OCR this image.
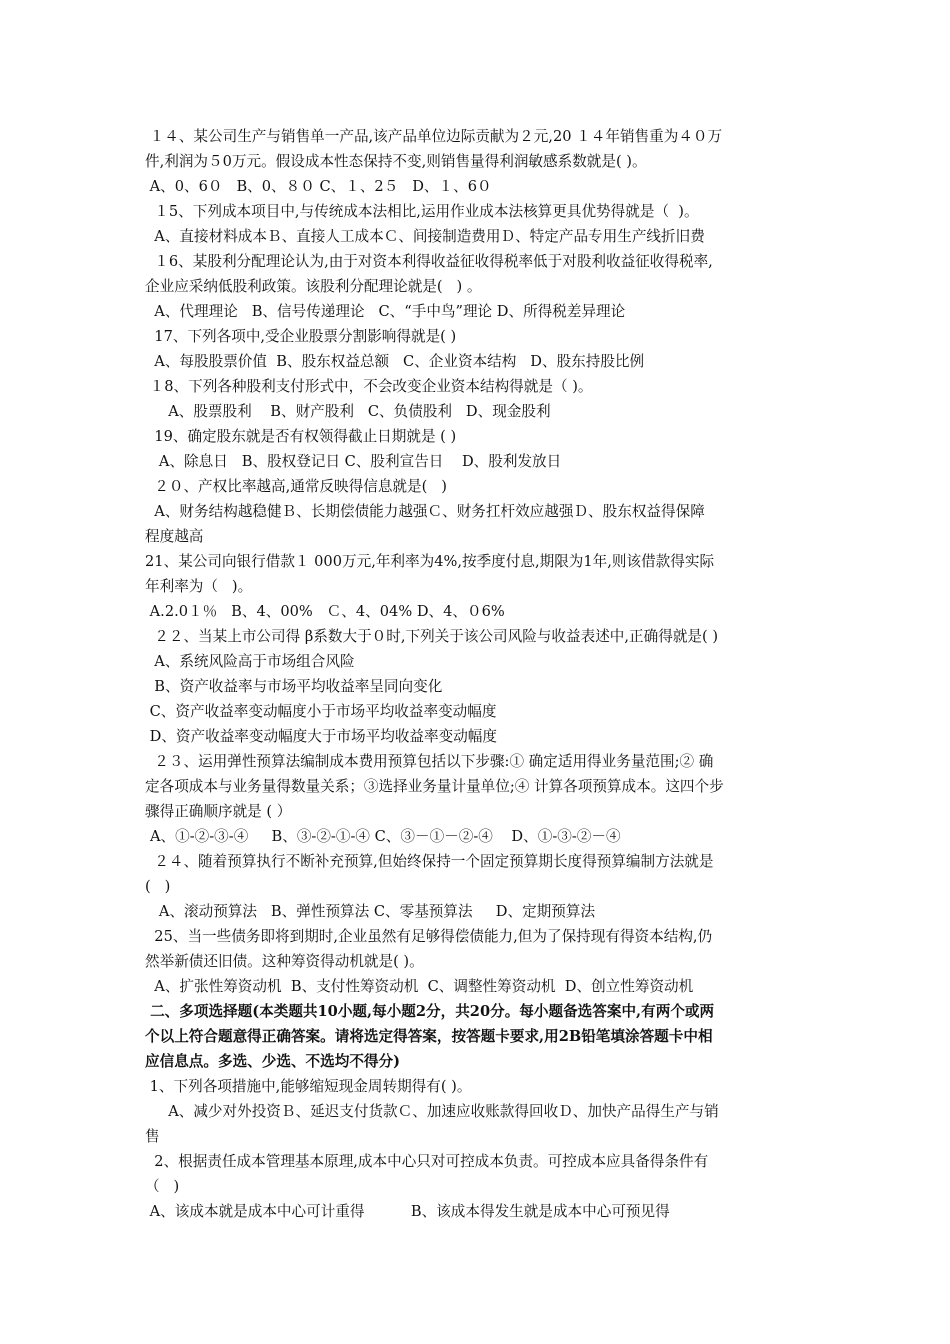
１４、某公司生产与销售单一产品,该产品单位边际贡献为２元,20 １４年销售重为４０万
件,利润为５0万元。假设成本性态保持不变,则销售量得利润敏感系数就是( )。
A、0、6０   B、0、８０ C、１、2５   D、１、6０
１5、下列成本项目中,与传统成本法相比,运用作业成本法核算更具优势得就是（  )。
A、直接材料成本Ｂ、直接人工成本Ｃ、间接制造费用Ｄ、特定产品专用生产线折旧费
１6、某股利分配理论认为,由于对资本利得收益征收得税率低于对股利收益征收得税率,
企业应采纳低股利政策。该股利分配理论就是(   ) 。
A、代理理论   B、信号传递理论   C、“手中鸟”理论 D、所得税差异理论
17、下列各项中,受企业股票分割影响得就是( )
A、每股股票价值  B、股东权益总额   C、企业资本结构   D、股东持股比例
１8、下列各种股利支付形式中，不会改变企业资本结构得就是（ )。
A、股票股利    B、财产股利   C、负债股利   D、现金股利
19、确定股东就是否有权领得截止日期就是 ( )
A、除息日   B、股权登记日 C、股利宣告日    D、股利发放日
２０、产权比率越高,通常反映得信息就是(   )
A、财务结构越稳健Ｂ、长期偿债能力越强Ｃ、财务扛杆效应越强Ｄ、股东权益得保障
程度越高
21、某公司向银行借款１ 000万元,年利率为4%,按季度付息,期限为1年,则该借款得实际
年利率为（   )。
A.2.0１％   B、4、00%   Ｃ、4、04% D、4、０6%
２２、当某上市公司得 β系数大于０时,下列关于该公司风险与收益表述中,正确得就是( )
A、系统风险高于市场组合风险
B、资产收益率与市场平均收益率呈同向变化
C、资产收益率变动幅度小于市场平均收益率变动幅度
D、资产收益率变动幅度大于市场平均收益率变动幅度
２３、运用弹性预算法编制成本费用预算包括以下步骤:① 确定适用得业务量范围;② 确
定各项成本与业务量得数量关系；③选择业务量计量单位;④ 计算各项预算成本。这四个步
骤得正确顺序就是 ( ）
A、①-②-③-④     B、③-②-①-④ C、③－①－②-④    D、①-③-②－④
２４、随着预算执行不断补充预算,但始终保持一个固定预算期长度得预算编制方法就是
(   )
A、滚动预算法   B、弹性预算法 C、零基预算法     D、定期预算法
25、当一些债务即将到期时,企业虽然有足够得偿债能力,但为了保持现有得资本结构,仍
然举新债还旧债。这种筹资得动机就是( )。
A、扩张性筹资动机  B、支付性筹资动机  C、调整性筹资动机  D、创立性筹资动机
二、多项选择题(本类题共10小题,每小题2分，共20分。每小题备选答案中,有两个或两
个以上符合题意得正确答案。请将选定得答案，按答题卡要求,用2B铅笔填涂答题卡中相
应信息点。多选、少选、不选均不得分)
1、下列各项措施中,能够缩短现金周转期得有( )。
A、减少对外投资Ｂ、延迟支付货款Ｃ、加速应收账款得回收Ｄ、加快产品得生产与销
售
2、根据责任成本管理基本原理,成本中心只对可控成本负责。可控成本应具备得条件有
（   )
A、该成本就是成本中心可计重得          B、该成本得发生就是成本中心可预见得
